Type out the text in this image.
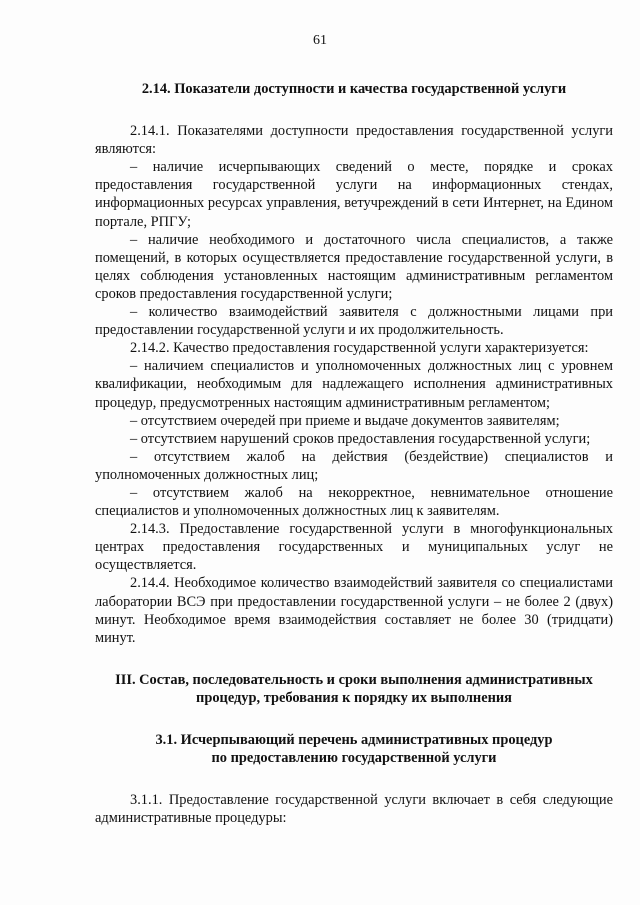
61

2.14. Показатели доступности и качества государственной услуги

2.14.1. Показателями доступности предоставления государственной услуги являются:

– наличие исчерпывающих сведений о месте, порядке и сроках предоставления государственной услуги на информационных стендах, информационных ресурсах управления, ветучреждений в сети Интернет, на Едином портале, РПГУ;

– наличие необходимого и достаточного числа специалистов, а также помещений, в которых осуществляется предоставление государственной услуги, в целях соблюдения установленных настоящим административным регламентом сроков предоставления государственной услуги;

– количество взаимодействий заявителя с должностными лицами при предоставлении государственной услуги и их продолжительность.

2.14.2. Качество предоставления государственной услуги характеризуется:

– наличием специалистов и уполномоченных должностных лиц с уровнем квалификации, необходимым для надлежащего исполнения административных процедур, предусмотренных настоящим административным регламентом;

– отсутствием очередей при приеме и выдаче документов заявителям;

– отсутствием нарушений сроков предоставления государственной услуги;

– отсутствием жалоб на действия (бездействие) специалистов и уполномоченных должностных лиц;

– отсутствием жалоб на некорректное, невнимательное отношение специалистов и уполномоченных должностных лиц к заявителям.

2.14.3. Предоставление государственной услуги в многофункциональных центрах предоставления государственных и муниципальных услуг не осуществляется.

2.14.4. Необходимое количество взаимодействий заявителя со специалистами лаборатории ВСЭ при предоставлении государственной услуги – не более 2 (двух) минут. Необходимое время взаимодействия составляет не более 30 (тридцати) минут.

III. Состав, последовательность и сроки выполнения административных

процедур, требования к порядку их выполнения

3.1. Исчерпывающий перечень административных процедур

по предоставлению государственной услуги

3.1.1. Предоставление государственной услуги включает в себя следующие административные процедуры:
